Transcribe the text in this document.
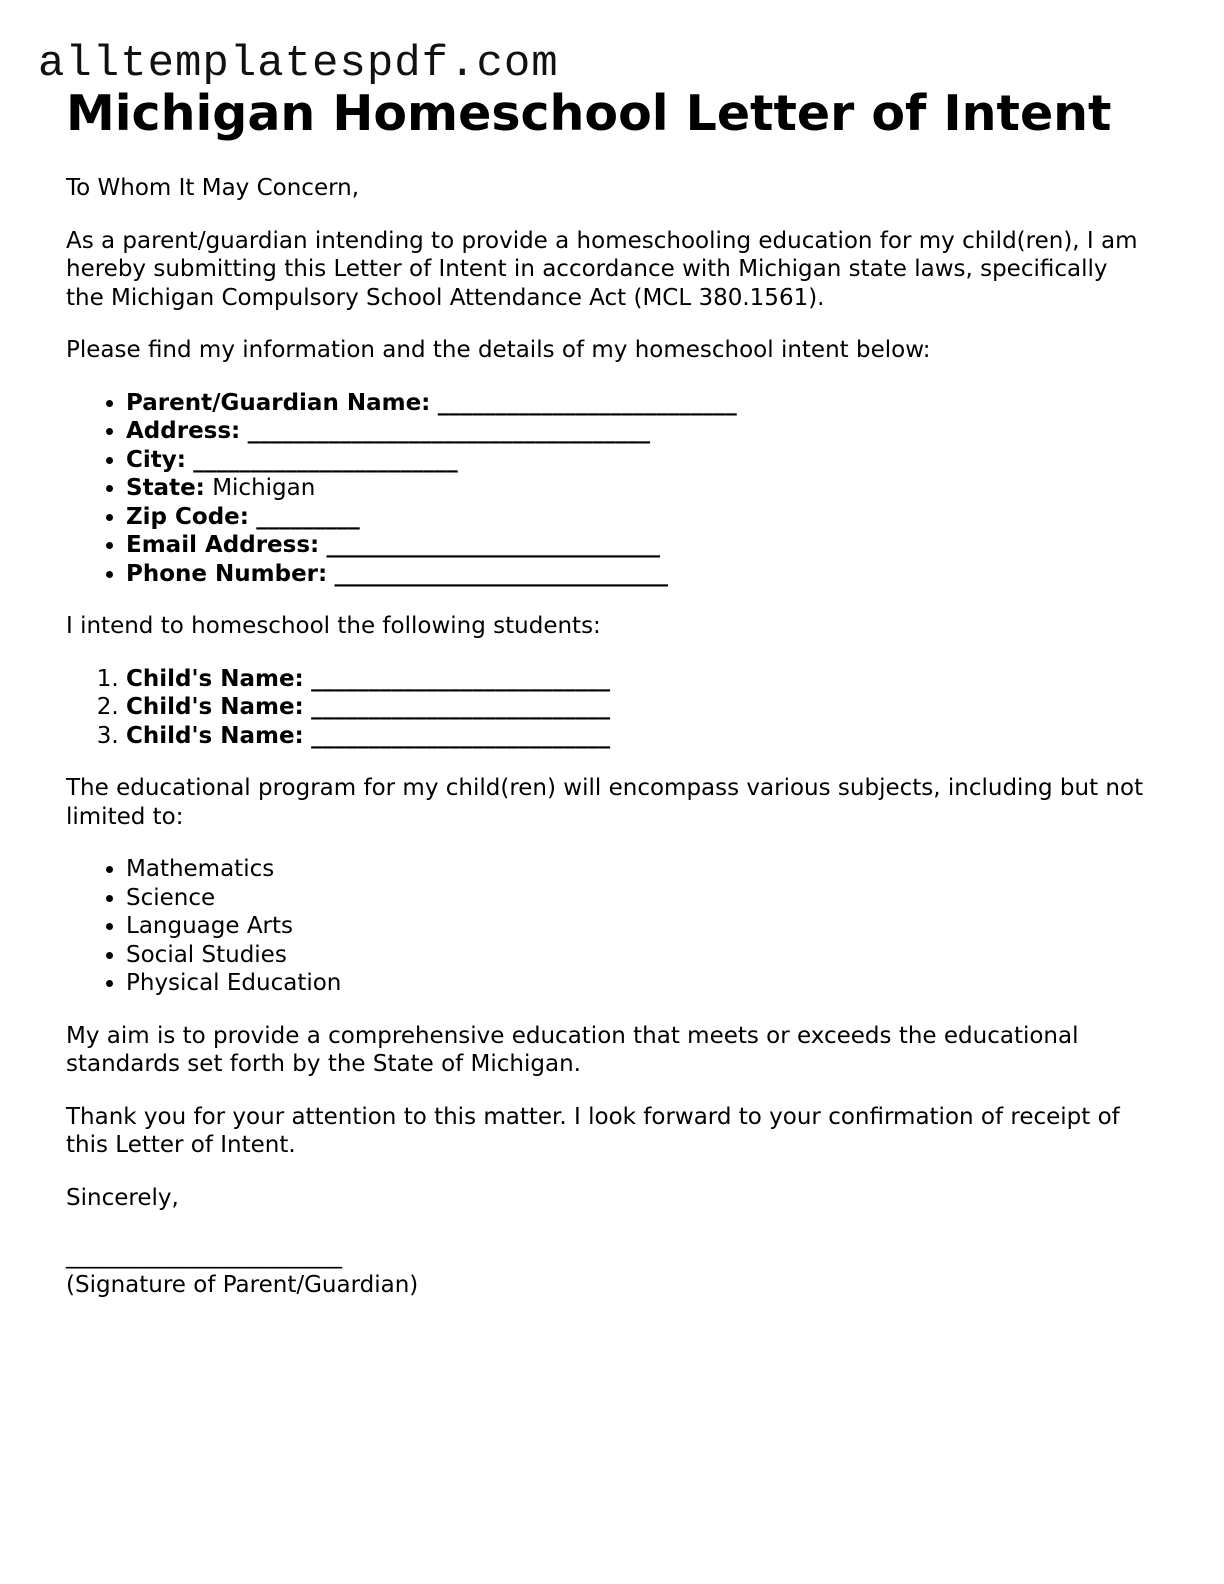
alltemplatespdf.com
Michigan Homeschool Letter of Intent

To Whom It May Concern,

As a parent/guardian intending to provide a homeschooling education for my child(ren), I am hereby submitting this Letter of Intent in accordance with Michigan state laws, specifically the Michigan Compulsory School Attendance Act (MCL 380.1561).

Please find my information and the details of my homeschool intent below:

• Parent/Guardian Name: __________________________
• Address: ___________________________________
• City: _______________________
• State: Michigan
• Zip Code: _________
• Email Address: _____________________________
• Phone Number: _____________________________

I intend to homeschool the following students:

1. Child's Name: __________________________
2. Child's Name: __________________________
3. Child's Name: __________________________

The educational program for my child(ren) will encompass various subjects, including but not limited to:

• Mathematics
• Science
• Language Arts
• Social Studies
• Physical Education

My aim is to provide a comprehensive education that meets or exceeds the educational standards set forth by the State of Michigan.

Thank you for your attention to this matter. I look forward to your confirmation of receipt of this Letter of Intent.

Sincerely,

________________________

(Signature of Parent/Guardian)
